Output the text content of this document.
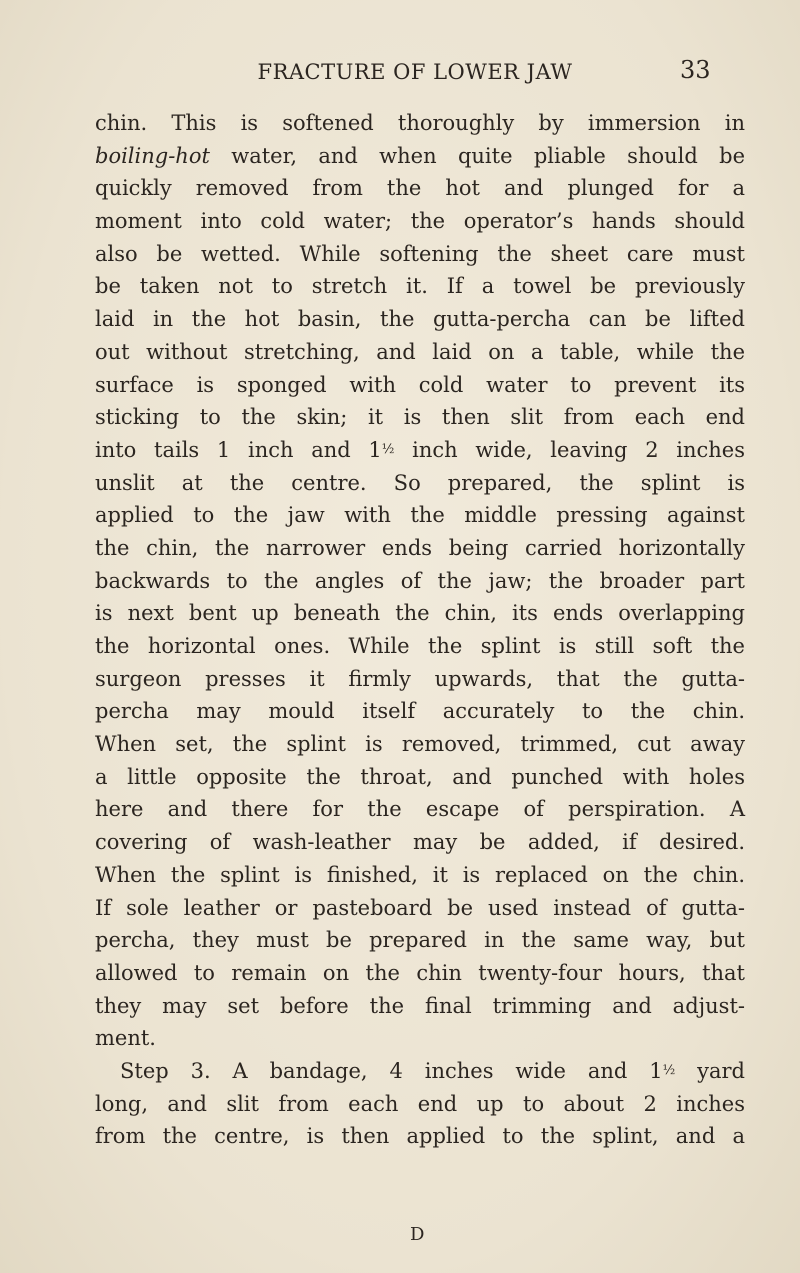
FRACTURE OF LOWER JAW	33
chin. This is softened thoroughly by immersion in
boiling-hot water, and when quite pliable should be
quickly removed from the hot and plunged for a
moment into cold water; the operator’s hands should
also be wetted. While softening the sheet care must
be taken not to stretch it. If a towel be previously
laid in the hot basin, the gutta-percha can be lifted
out without stretching, and laid on a table, while the
surface is sponged with cold water to prevent its
sticking to the skin; it is then slit from each end
into tails 1 inch and 1½ inch wide, leaving 2 inches
unslit at the centre. So prepared, the splint is
applied to the jaw with the middle pressing against
the chin, the narrower ends being carried horizontally
backwards to the angles of the jaw; the broader part
is next bent up beneath the chin, its ends overlapping
the horizontal ones. While the splint is still soft the
surgeon presses it firmly upwards, that the gutta-
percha may mould itself accurately to the chin.
When set, the splint is removed, trimmed, cut away
a little opposite the throat, and punched with holes
here and there for the escape of perspiration. A
covering of wash-leather may be added, if desired.
When the splint is finished, it is replaced on the chin.
If sole leather or pasteboard be used instead of gutta-
percha, they must be prepared in the same way, but
allowed to remain on the chin twenty-four hours, that
they may set before the final trimming and adjust-
ment.
Step 3. A bandage, 4 inches wide and 1½ yard
long, and slit from each end up to about 2 inches
from the centre, is then applied to the splint, and a
D
